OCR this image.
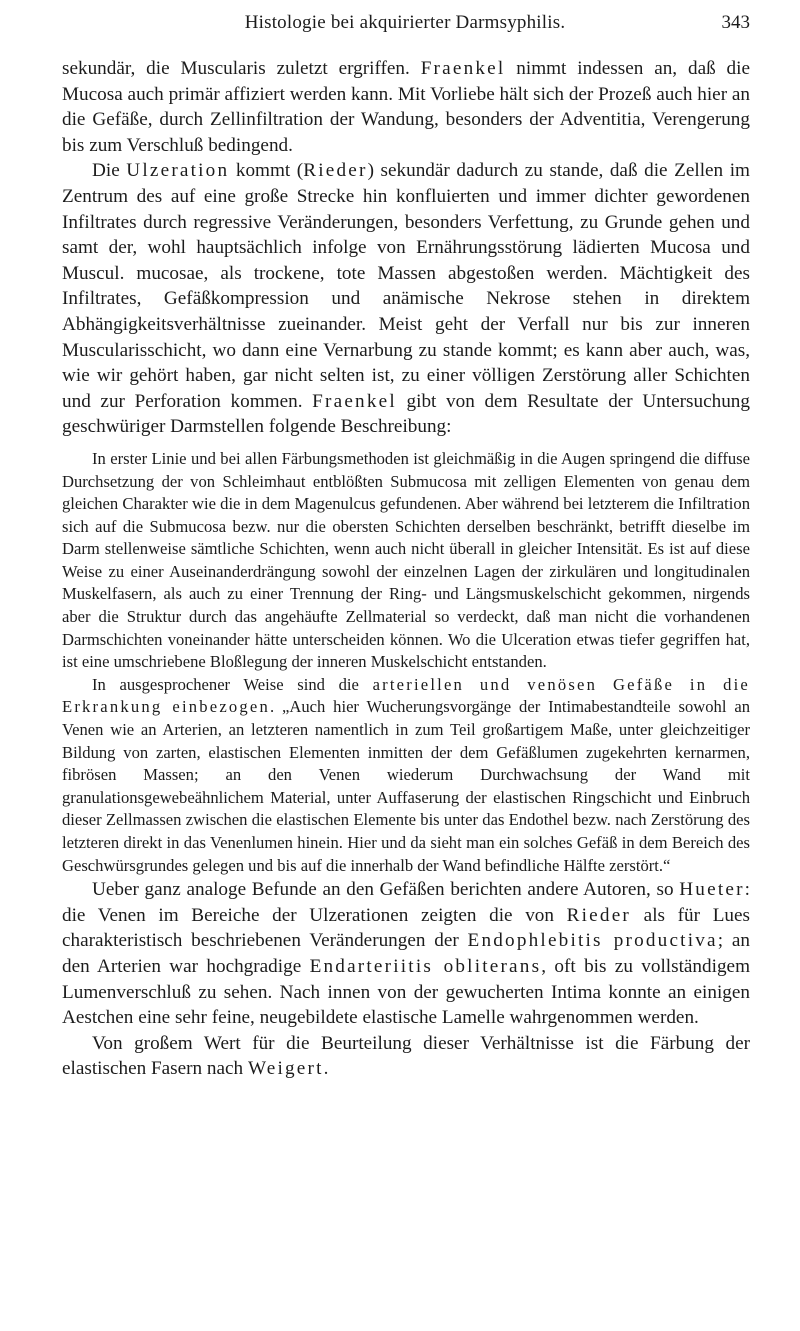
Histologie bei akquirierter Darmsyphilis.	343

sekundär, die Muscularis zuletzt ergriffen. Fraenkel nimmt indessen an, daß die Mucosa auch primär affiziert werden kann. Mit Vorliebe hält sich der Prozeß auch hier an die Gefäße, durch Zellinfiltration der Wandung, besonders der Adventitia, Verengerung bis zum Verschluß bedingend.

Die Ulzeration kommt (Rieder) sekundär dadurch zu stande, daß die Zellen im Zentrum des auf eine große Strecke hin konfluierten und immer dichter gewordenen Infiltrates durch regressive Veränderungen, besonders Verfettung, zu Grunde gehen und samt der, wohl hauptsächlich infolge von Ernährungsstörung lädierten Mucosa und Muscul. mucosae, als trockene, tote Massen abgestoßen werden. Mächtigkeit des Infiltrates, Gefäßkompression und anämische Nekrose stehen in direktem Abhängigkeitsverhältnisse zueinander. Meist geht der Verfall nur bis zur inneren Muscularisschicht, wo dann eine Vernarbung zu stande kommt; es kann aber auch, was, wie wir gehört haben, gar nicht selten ist, zu einer völligen Zerstörung aller Schichten und zur Perforation kommen. Fraenkel gibt von dem Resultate der Untersuchung geschwüriger Darmstellen folgende Beschreibung:

In erster Linie und bei allen Färbungsmethoden ist gleichmäßig in die Augen springend die diffuse Durchsetzung der von Schleimhaut entblößten Submucosa mit zelligen Elementen von genau dem gleichen Charakter wie die in dem Magenulcus gefundenen. Aber während bei letzterem die Infiltration sich auf die Submucosa bezw. nur die obersten Schichten derselben beschränkt, betrifft dieselbe im Darm stellenweise sämtliche Schichten, wenn auch nicht überall in gleicher Intensität. Es ist auf diese Weise zu einer Auseinanderdrängung sowohl der einzelnen Lagen der zirkulären und longitudinalen Muskelfasern, als auch zu einer Trennung der Ring- und Längsmuskelschicht gekommen, nirgends aber die Struktur durch das angehäufte Zellmaterial so verdeckt, daß man nicht die vorhandenen Darmschichten voneinander hätte unterscheiden können. Wo die Ulceration etwas tiefer gegriffen hat, ist eine umschriebene Bloßlegung der inneren Muskelschicht entstanden.

In ausgesprochener Weise sind die arteriellen und venösen Gefäße in die Erkrankung einbezogen. „Auch hier Wucherungsvorgänge der Intimabestandteile sowohl an Venen wie an Arterien, an letzteren namentlich in zum Teil großartigem Maße, unter gleichzeitiger Bildung von zarten, elastischen Elementen inmitten der dem Gefäßlumen zugekehrten kernarmen, fibrösen Massen; an den Venen wiederum Durchwachsung der Wand mit granulationsgewebeähnlichem Material, unter Auffaserung der elastischen Ringschicht und Einbruch dieser Zellmassen zwischen die elastischen Elemente bis unter das Endothel bezw. nach Zerstörung des letzteren direkt in das Venenlumen hinein. Hier und da sieht man ein solches Gefäß in dem Bereich des Geschwürsgrundes gelegen und bis auf die innerhalb der Wand befindliche Hälfte zerstört.“

Ueber ganz analoge Befunde an den Gefäßen berichten andere Autoren, so Hueter: die Venen im Bereiche der Ulzerationen zeigten die von Rieder als für Lues charakteristisch beschriebenen Veränderungen der Endophlebitis productiva; an den Arterien war hochgradige Endarteriitis obliterans, oft bis zu vollständigem Lumenverschluß zu sehen. Nach innen von der gewucherten Intima konnte an einigen Aestchen eine sehr feine, neugebildete elastische Lamelle wahrgenommen werden.

Von großem Wert für die Beurteilung dieser Verhältnisse ist die Färbung der elastischen Fasern nach Weigert.
